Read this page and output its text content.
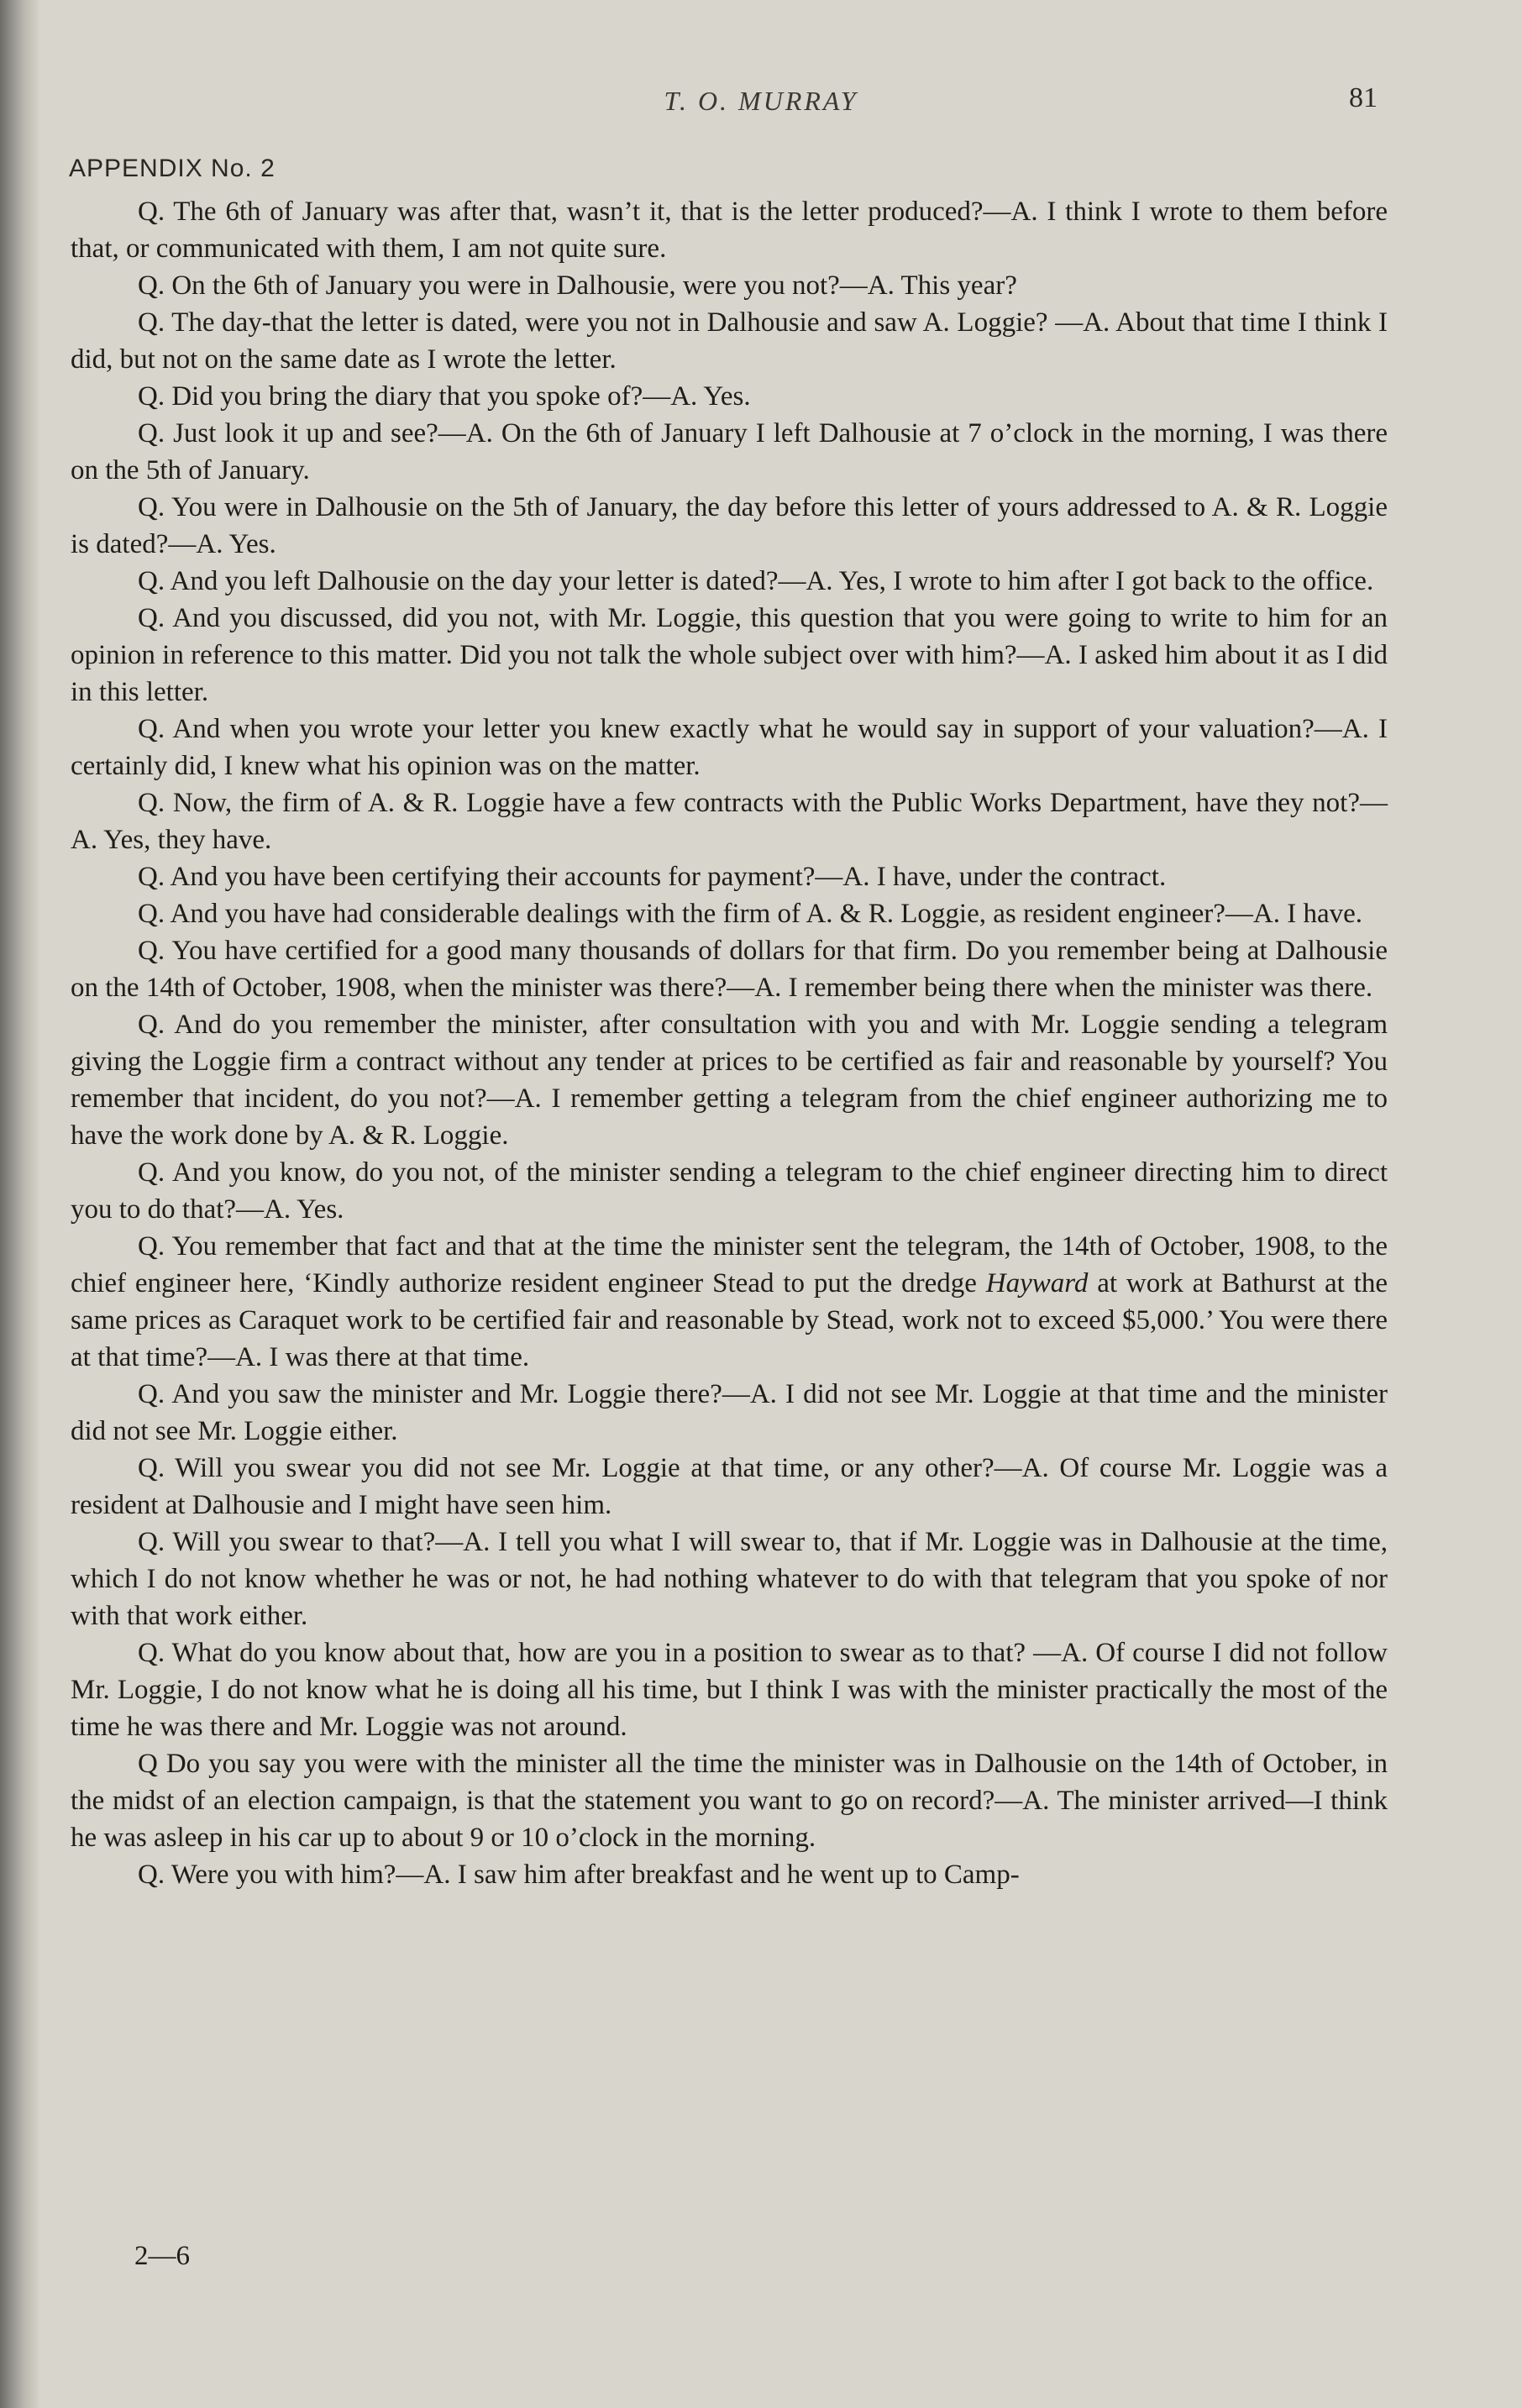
T. O. MURRAY	81
APPENDIX No. 2

Q. The 6th of January was after that, wasn’t it, that is the letter produced?—A. I think I wrote to them before that, or communicated with them, I am not quite sure.

Q. On the 6th of January you were in Dalhousie, were you not?—A. This year?

Q. The day-that the letter is dated, were you not in Dalhousie and saw A. Loggie? —A. About that time I think I did, but not on the same date as I wrote the letter.

Q. Did you bring the diary that you spoke of?—A. Yes.

Q. Just look it up and see?—A. On the 6th of January I left Dalhousie at 7 o’clock in the morning, I was there on the 5th of January.

Q. You were in Dalhousie on the 5th of January, the day before this letter of yours addressed to A. & R. Loggie is dated?—A. Yes.

Q. And you left Dalhousie on the day your letter is dated?—A. Yes, I wrote to him after I got back to the office.

Q. And you discussed, did you not, with Mr. Loggie, this question that you were going to write to him for an opinion in reference to this matter. Did you not talk the whole subject over with him?—A. I asked him about it as I did in this letter.

Q. And when you wrote your letter you knew exactly what he would say in support of your valuation?—A. I certainly did, I knew what his opinion was on the matter.

Q. Now, the firm of A. & R. Loggie have a few contracts with the Public Works Department, have they not?—A. Yes, they have.

Q. And you have been certifying their accounts for payment?—A. I have, under the contract.

Q. And you have had considerable dealings with the firm of A. & R. Loggie, as resident engineer?—A. I have.

Q. You have certified for a good many thousands of dollars for that firm. Do you remember being at Dalhousie on the 14th of October, 1908, when the minister was there?—A. I remember being there when the minister was there.

Q. And do you remember the minister, after consultation with you and with Mr. Loggie sending a telegram giving the Loggie firm a contract without any tender at prices to be certified as fair and reasonable by yourself? You remember that incident, do you not?—A. I remember getting a telegram from the chief engineer authorizing me to have the work done by A. & R. Loggie.

Q. And you know, do you not, of the minister sending a telegram to the chief engineer directing him to direct you to do that?—A. Yes.

Q. You remember that fact and that at the time the minister sent the telegram, the 14th of October, 1908, to the chief engineer here, ‘Kindly authorize resident engineer Stead to put the dredge Hayward at work at Bathurst at the same prices as Caraquet work to be certified fair and reasonable by Stead, work not to exceed $5,000.’ You were there at that time?—A. I was there at that time.

Q. And you saw the minister and Mr. Loggie there?—A. I did not see Mr. Loggie at that time and the minister did not see Mr. Loggie either.

Q. Will you swear you did not see Mr. Loggie at that time, or any other?—A. Of course Mr. Loggie was a resident at Dalhousie and I might have seen him.

Q. Will you swear to that?—A. I tell you what I will swear to, that if Mr. Loggie was in Dalhousie at the time, which I do not know whether he was or not, he had nothing whatever to do with that telegram that you spoke of nor with that work either.

Q. What do you know about that, how are you in a position to swear as to that? —A. Of course I did not follow Mr. Loggie, I do not know what he is doing all his time, but I think I was with the minister practically the most of the time he was there and Mr. Loggie was not around.

Q Do you say you were with the minister all the time the minister was in Dalhousie on the 14th of October, in the midst of an election campaign, is that the statement you want to go on record?—A. The minister arrived—I think he was asleep in his car up to about 9 or 10 o’clock in the morning.

Q. Were you with him?—A. I saw him after breakfast and he went up to Camp-

2—6
